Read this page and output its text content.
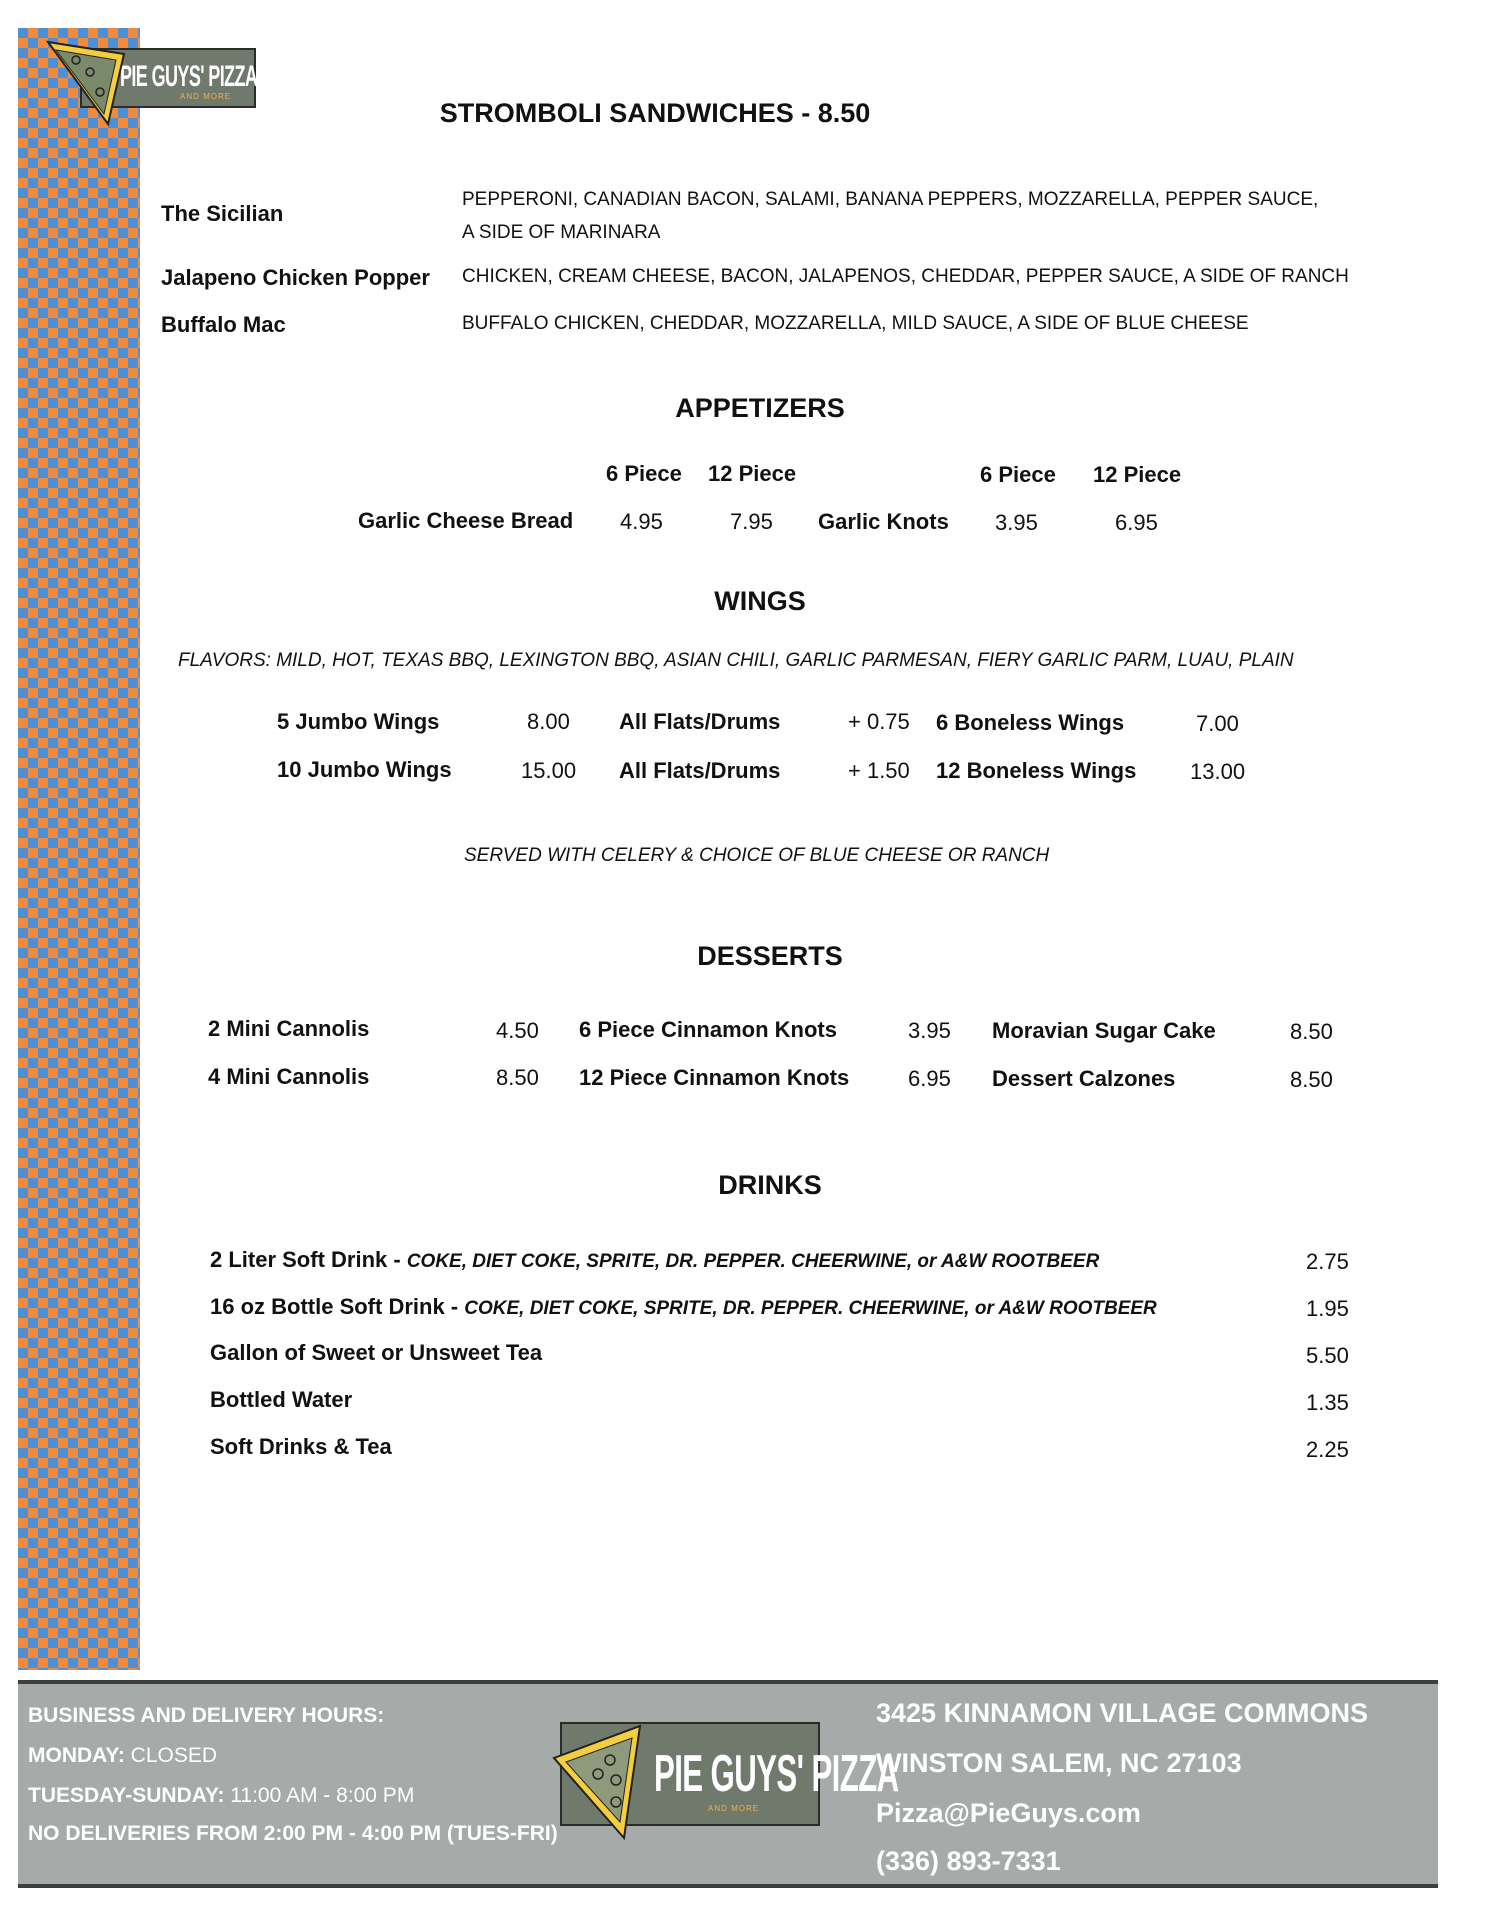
PIE GUYS' PIZZA
AND MORE
STROMBOLI SANDWICHES - 8.50
The Sicilian
PEPPERONI, CANADIAN BACON, SALAMI, BANANA PEPPERS, MOZZARELLA, PEPPER SAUCE,
A SIDE OF MARINARA
Jalapeno Chicken Popper CHICKEN, CREAM CHEESE, BACON, JALAPENOS, CHEDDAR, PEPPER SAUCE, A SIDE OF RANCH
Buffalo Mac	BUFFALO CHICKEN, CHEDDAR, MOZZARELLA, MILD SAUCE, A SIDE OF BLUE CHEESE
APPETIZERS
6 Piece 12 Piece	6 Piece 12 Piece
Garlic Cheese Bread 4.95	7.95 Garlic Knots 3.95	6.95
WINGS
FLAVORS: MILD, HOT, TEXAS BBQ, LEXINGTON BBQ, ASIAN CHILI, GARLIC PARMESAN, FIERY GARLIC PARM, LUAU, PLAIN
5 Jumbo Wings	8.00 All Flats/Drums	+ 0.75 6 Boneless Wings	7.00
10 Jumbo Wings	15.00 All Flats/Drums	+ 1.50 12 Boneless Wings 13.00
SERVED WITH CELERY & CHOICE OF BLUE CHEESE OR RANCH
DESSERTS
2 Mini Cannolis	4.50 6 Piece Cinnamon Knots	3.95 Moravian Sugar Cake	8.50
4 Mini Cannolis	8.50 12 Piece Cinnamon Knots	6.95 Dessert Calzones	8.50
DRINKS
2 Liter Soft Drink - COKE, DIET COKE, SPRITE, DR. PEPPER. CHEERWINE, or A&W ROOTBEER	2.75
16 oz Bottle Soft Drink - COKE, DIET COKE, SPRITE, DR. PEPPER. CHEERWINE, or A&W ROOTBEER	1.95
Gallon of Sweet or Unsweet Tea	5.50
Bottled Water	1.35
Soft Drinks & Tea	2.25
BUSINESS AND DELIVERY HOURS:
MONDAY: CLOSED
TUESDAY-SUNDAY: 11:00 AM - 8:00 PM
NO DELIVERIES FROM 2:00 PM - 4:00 PM (TUES-FRI)
PIE GUYS' PIZZA
AND MORE
3425 KINNAMON VILLAGE COMMONS
WINSTON SALEM, NC 27103
Pizza@PieGuys.com
(336) 893-7331
